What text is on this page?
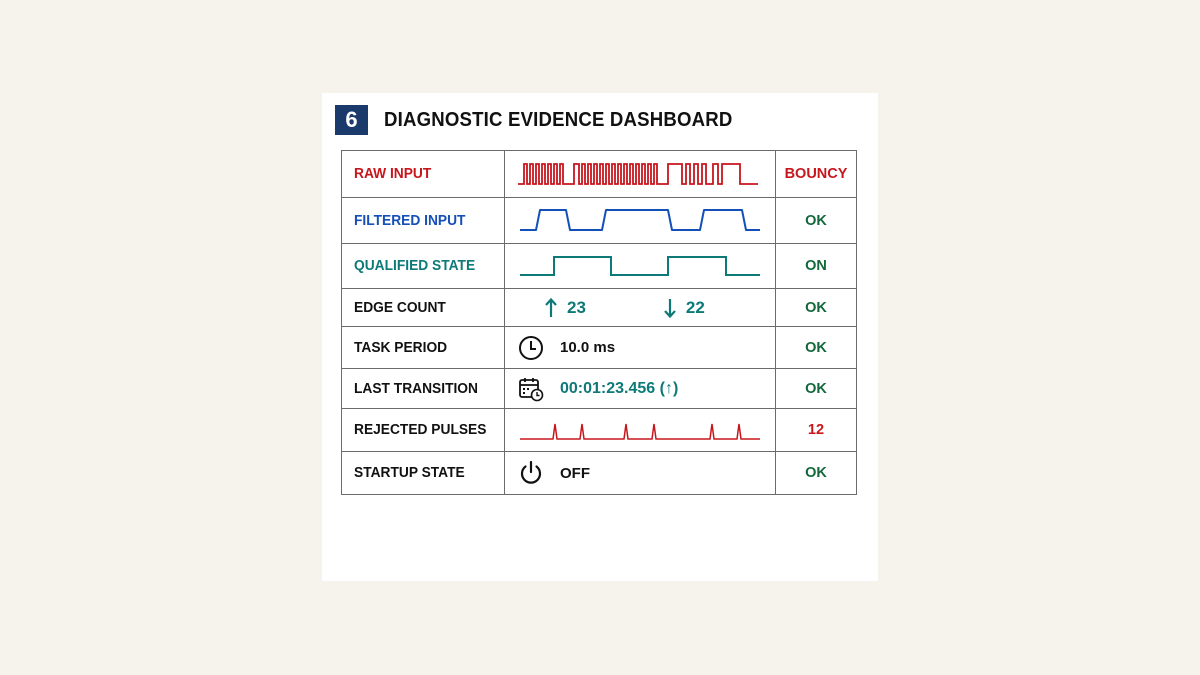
6	DIAGNOSTIC EVIDENCE DASHBOARD
RAW INPUT		BOUNCY
FILTERED INPUT		OK
QUALIFIED STATE		ON
EDGE COUNT	23 22	OK
TASK PERIOD	10.0 ms	OK
LAST TRANSITION	00:01:23.456 (↑)	OK
REJECTED PULSES		12
STARTUP STATE	OFF	OK
